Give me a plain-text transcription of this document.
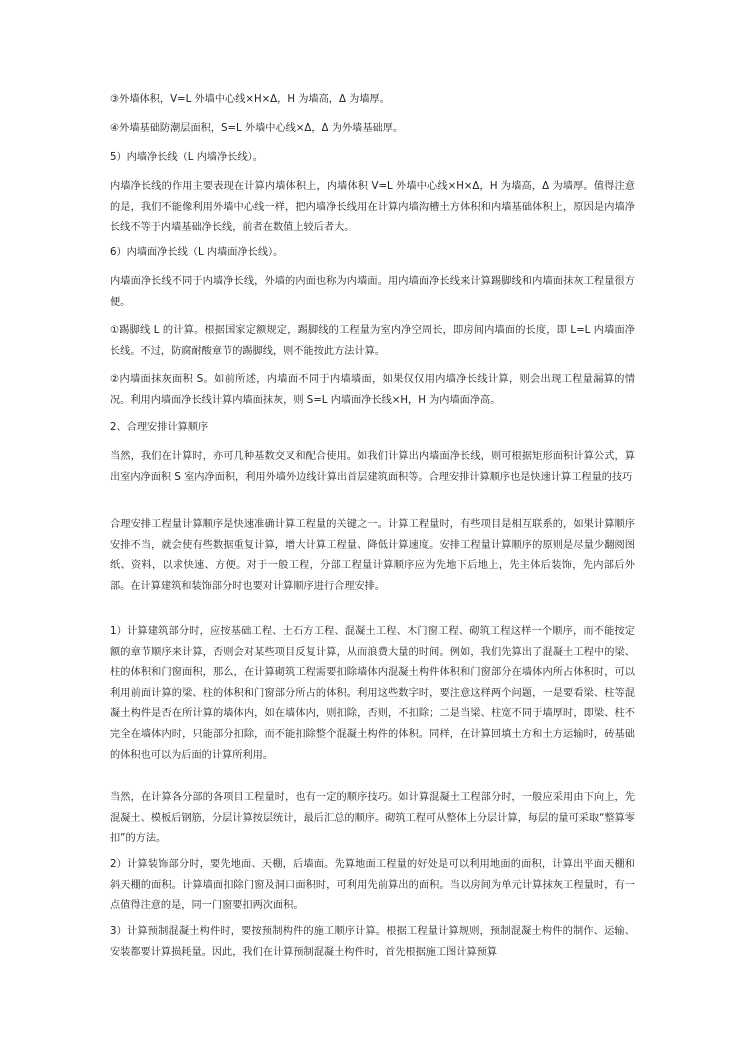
③外墙体积，V=L 外墙中心线×H×Δ，H 为墙高，Δ 为墙厚。

④外墙基础防潮层面积，S=L 外墙中心线×Δ，Δ 为外墙基础厚。

5）内墙净长线（L 内墙净长线）。

内墙净长线的作用主要表现在计算内墙体积上，内墙体积 V=L 外墙中心线×H×Δ，H 为墙高，Δ 为墙厚。值得注意的是，我们不能像利用外墙中心线一样，把内墙净长线用在计算内墙沟槽土方体积和内墙基础体积上，原因是内墙净长线不等于内墙基础净长线，前者在数值上较后者大。

6）内墙面净长线（L 内墙面净长线）。

内墙面净长线不同于内墙净长线，外墙的内面也称为内墙面。用内墙面净长线来计算踢脚线和内墙面抹灰工程量很方便。

①踢脚线 L 的计算。根据国家定额规定，踢脚线的工程量为室内净空周长，即房间内墙面的长度，即 L=L 内墙面净长线。不过，防腐耐酸章节的踢脚线，则不能按此方法计算。

②内墙面抹灰面积 S。如前所述，内墙面不同于内墙墙面，如果仅仅用内墙净长线计算，则会出现工程量漏算的情况。利用内墙面净长线计算内墙面抹灰，则 S=L 内墙面净长线×H，H 为内墙面净高。

2、合理安排计算顺序

当然，我们在计算时，亦可几种基数交叉和配合使用。如我们计算出内墙面净长线，则可根据矩形面积计算公式，算出室内净面积 S 室内净面积，利用外墙外边线计算出首层建筑面积等。合理安排计算顺序也是快速计算工程量的技巧

合理安排工程量计算顺序是快速准确计算工程量的关键之一。计算工程量时，有些项目是相互联系的，如果计算顺序安排不当，就会使有些数据重复计算，增大计算工程量、降低计算速度。安排工程量计算顺序的原则是尽量少翻阅图纸、资料，以求快速、方便。对于一般工程，分部工程量计算顺序应为先地下后地上，先主体后装饰，先内部后外部。在计算建筑和装饰部分时也要对计算顺序进行合理安排。

1）计算建筑部分时，应按基础工程、土石方工程、混凝土工程、木门窗工程、砌筑工程这样一个顺序，而不能按定额的章节顺序来计算，否则会对某些项目反复计算，从而浪费大量的时间。例如，我们先算出了混凝土工程中的梁、柱的体积和门窗面积，那么，在计算砌筑工程需要扣除墙体内混凝土构件体积和门窗部分在墙体内所占体积时，可以利用前面计算的梁、柱的体积和门窗部分所占的体积。利用这些数字时，要注意这样两个问题，一是要看梁、柱等混凝土构件是否在所计算的墙体内，如在墙体内，则扣除，否则，不扣除；二是当梁、柱宽不同于墙厚时，即梁、柱不完全在墙体内时，只能部分扣除，而不能扣除整个混凝土构件的体积。同样，在计算回填土方和土方运输时，砖基础的体积也可以为后面的计算所利用。

当然，在计算各分部的各项目工程量时，也有一定的顺序技巧。如计算混凝土工程部分时，一般应采用由下向上，先混凝土、模板后钢筋，分层计算按层统计，最后汇总的顺序。砌筑工程可从整体上分层计算，每层的量可采取“整算零扣”的方法。

2）计算装饰部分时，要先地面、天棚，后墙面。先算地面工程量的好处是可以利用地面的面积，计算出平面天棚和斜天棚的面积。计算墙面扣除门窗及洞口面积时，可利用先前算出的面积。当以房间为单元计算抹灰工程量时，有一点值得注意的是，同一门窗要扣两次面积。

3）计算预制混凝土构件时，要按预制构件的施工顺序计算。根据工程量计算规则，预制混凝土构件的制作、运输、安装都要计算损耗量。因此，我们在计算预制混凝土构件时，首先根据施工图计算预算
